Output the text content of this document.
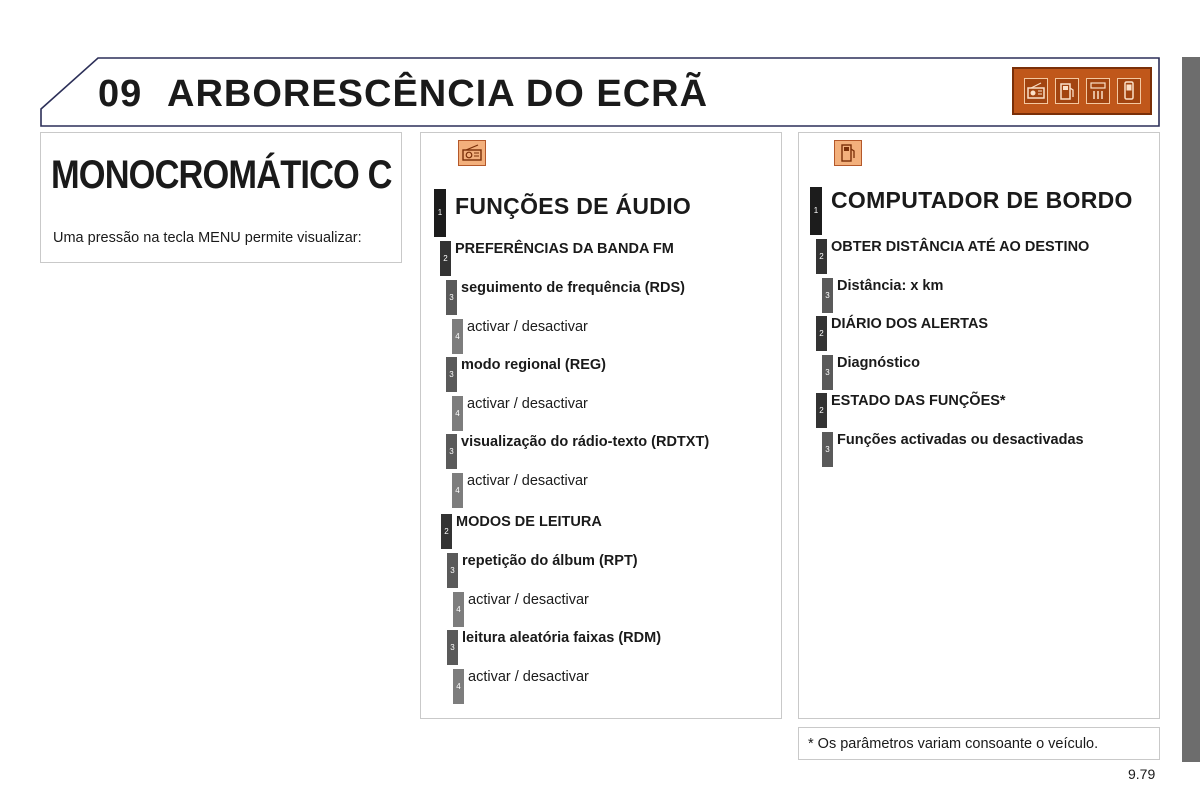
09 ARBORESCÊNCIA DO ECRÃ
MONOCROMÁTICO C
Uma pressão na tecla MENU permite visualizar:
1 FUNÇÕES DE ÁUDIO
2
PREFERÊNCIAS DA BANDA FM
3
seguimento de frequência (RDS)
4
activar / desactivar
3
modo regional (REG)
4
activar / desactivar
3
visualização do rádio-texto (RDTXT)
4
activar / desactivar
2
MODOS DE LEITURA
3
repetição do álbum (RPT)
4
activar / desactivar
3
leitura aleatória faixas (RDM)
4
activar / desactivar
1 COMPUTADOR DE BORDO
2
OBTER DISTÂNCIA ATÉ AO DESTINO
3
Distância: x km
2
DIÁRIO DOS ALERTAS
3
Diagnóstico
2
ESTADO DAS FUNÇÕES*
3
Funções activadas ou desactivadas
* Os parâmetros variam consoante o veículo.
9.79
